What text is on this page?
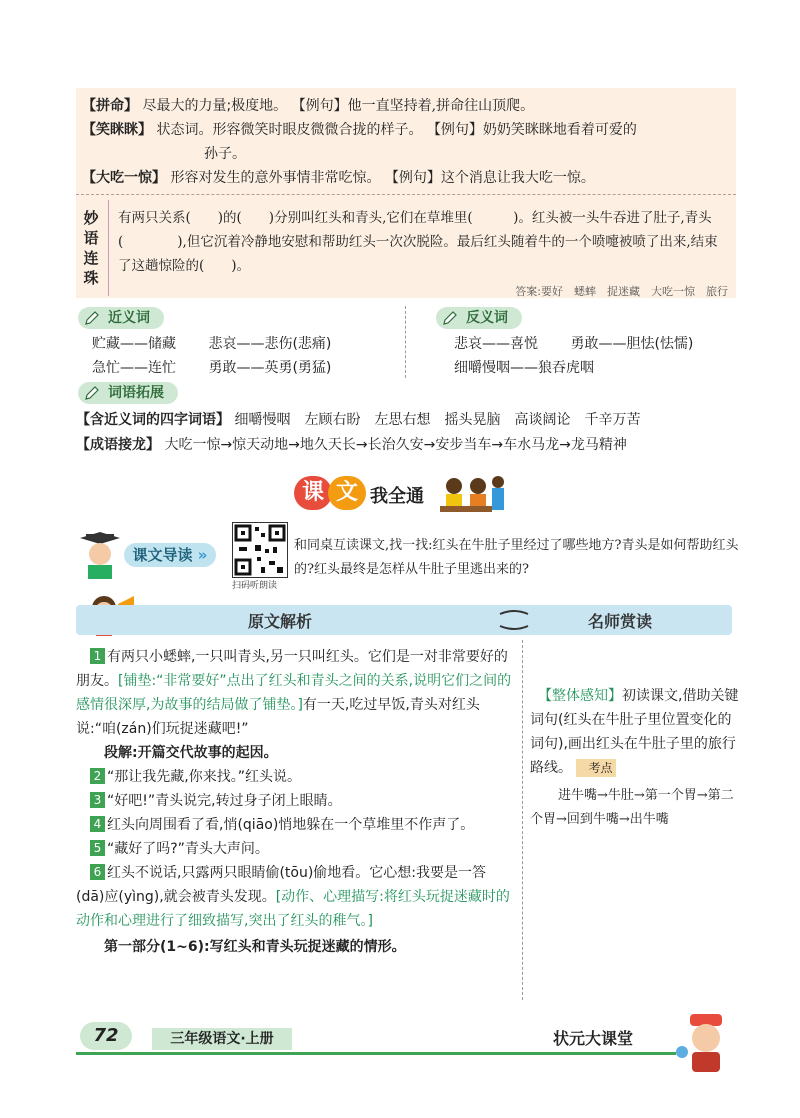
【拼命】 尽最大的力量;极度地。 【例句】他一直坚持着,拼命往山顶爬。
【笑眯眯】 状态词。形容微笑时眼皮微微合拢的样子。 【例句】奶奶笑眯眯地看着可爱的
孙子。
【大吃一惊】 形容对发生的意外事情非常吃惊。 【例句】这个消息让我大吃一惊。
妙语连珠
有两只关系(　　)的(　　)分别叫红头和青头,它们在草堆里(　　　)。红头被一头牛吞进了肚子,青头(　　　　),但它沉着冷静地安慰和帮助红头一次次脱险。最后红头随着牛的一个喷嚏被喷了出来,结束了这趟惊险的(　　)。
答案:要好　蟋蟀　捉迷藏　大吃一惊　旅行
近义词
贮藏——储藏 悲哀——悲伤(悲痛)
急忙——连忙 勇敢——英勇(勇猛)
反义词
悲哀——喜悦 勇敢——胆怯(怯懦)
细嚼慢咽——狼吞虎咽
词语拓展
【含近义词的四字词语】 细嚼慢咽　左顾右盼　左思右想　摇头晃脑　高谈阔论　千辛万苦
【成语接龙】 大吃一惊→惊天动地→地久天长→长治久安→安步当车→车水马龙→龙马精神
课 文 我全通
课文导读 »
扫码听朗读
和同桌互读课文,找一找:红头在牛肚子里经过了哪些地方?青头是如何帮助红头的?红头最终是怎样从牛肚子里逃出来的?
原文解析	名师赏读

1 有两只小蟋蟀,一只叫青头,另一只叫红头。它们是一对非常要好的朋友。[铺垫:“非常要好”点出了红头和青头之间的关系,说明它们之间的感情很深厚,为故事的结局做了铺垫。]有一天,吃过早饭,青头对红头说:“咱(zán)们玩捉迷藏吧!”

段解:开篇交代故事的起因。

2 “那让我先藏,你来找。”红头说。

3 “好吧!”青头说完,转过身子闭上眼睛。

4 红头向周围看了看,悄(qiāo)悄地躲在一个草堆里不作声了。

5 “藏好了吗?”青头大声问。

6 红头不说话,只露两只眼睛偷(tōu)偷地看。它心想:我要是一答(dā)应(yìng),就会被青头发现。[动作、心理描写:将红头玩捉迷藏时的动作和心理进行了细致描写,突出了红头的稚气。]

第一部分(1~6):写红头和青头玩捉迷藏的情形。

【整体感知】初读课文,借助关键词句(红头在牛肚子里位置变化的词句),画出红头在牛肚子里的旅行路线。 考点

进牛嘴→牛肚→第一个胃→第二个胃→回到牛嘴→出牛嘴

72	三年级语文·上册	状元大课堂
